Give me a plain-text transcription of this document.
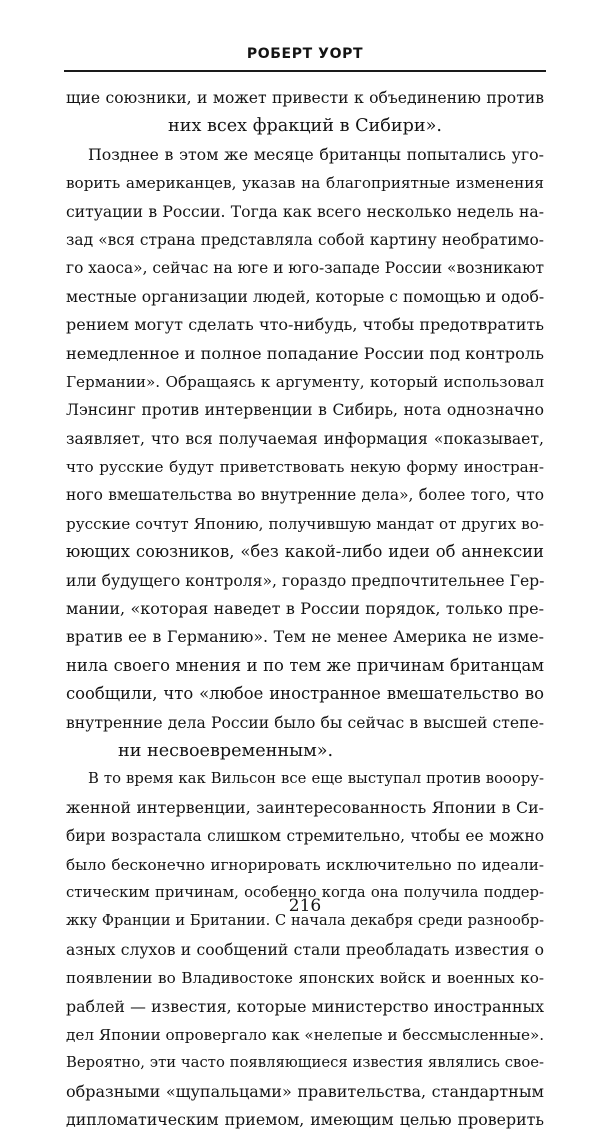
РОБЕРТ УОРТ
щие союзники, и может привести к объединению против
них всех фракций в Сибири».
Позднее в этом же месяце британцы попытались уго-
ворить американцев, указав на благоприятные изменения
ситуации в России. Тогда как всего несколько недель на-
зад «вся страна представляла собой картину необратимо-
го хаоса», сейчас на юге и юго-западе России «возникают
местные организации людей, которые с помощью и одоб-
рением могут сделать что-нибудь, чтобы предотвратить
немедленное и полное попадание России под контроль
Германии». Обращаясь к аргументу, который использовал
Лэнсинг против интервенции в Сибирь, нота однозначно
заявляет, что вся получаемая информация «показывает,
что русские будут приветствовать некую форму иностран-
ного вмешательства во внутренние дела», более того, что
русские сочтут Японию, получившую мандат от других во-
юющих союзников, «без какой-либо идеи об аннексии
или будущего контроля», гораздо предпочтительнее Гер-
мании, «которая наведет в России порядок, только пре-
вратив ее в Германию». Тем не менее Америка не изме-
нила своего мнения и по тем же причинам британцам
сообщили, что «любое иностранное вмешательство во
внутренние дела России было бы сейчас в высшей степе-
ни несвоевременным».
В то время как Вильсон все еще выступал против вооору-
женной интервенции, заинтересованность Японии в Си-
бири возрастала слишком стремительно, чтобы ее можно
было бесконечно игнорировать исключительно по идеали-
стическим причинам, особенно когда она получила поддер-
жку Франции и Британии. С начала декабря среди разнообр-
азных слухов и сообщений стали преобладать известия о
появлении во Владивостоке японских войск и военных ко-
раблей — известия, которые министерство иностранных
дел Японии опровергало как «нелепые и бессмысленные».
Вероятно, эти часто появляющиеся известия являлись свое-
образными «щупальцами» правительства, стандартным
дипломатическим приемом, имеющим целью проверить
216
